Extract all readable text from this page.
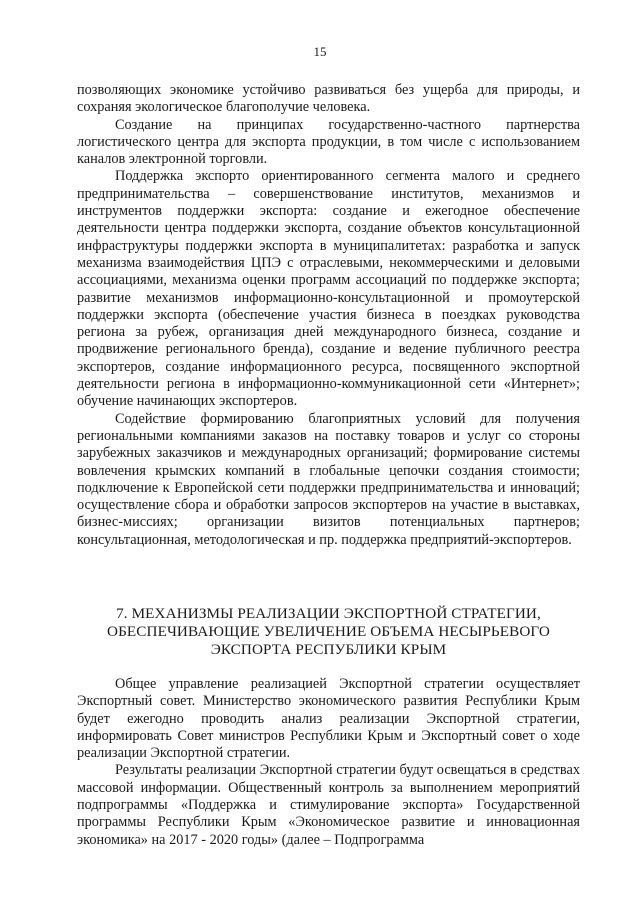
15

позволяющих экономике устойчиво развиваться без ущерба для природы, и сохраняя экологическое благополучие человека.

Создание на принципах государственно-частного партнерства логистического центра для экспорта продукции, в том числе с использованием каналов электронной торговли.

Поддержка экспорто ориентированного сегмента малого и среднего предпринимательства – совершенствование институтов, механизмов и инструментов поддержки экспорта: создание и ежегодное обеспечение деятельности центра поддержки экспорта, создание объектов консультационной инфраструктуры поддержки экспорта в муниципалитетах: разработка и запуск механизма взаимодействия ЦПЭ с отраслевыми, некоммерческими и деловыми ассоциациями, механизма оценки программ ассоциаций по поддержке экспорта; развитие механизмов информационно-консультационной и промоутерской поддержки экспорта (обеспечение участия бизнеса в поездках руководства региона за рубеж, организация дней международного бизнеса, создание и продвижение регионального бренда), создание и ведение публичного реестра экспортеров, создание информационного ресурса, посвященного экспортной деятельности региона в информационно-коммуникационной сети «Интернет»; обучение начинающих экспортеров.

Содействие формированию благоприятных условий для получения региональными компаниями заказов на поставку товаров и услуг со стороны зарубежных заказчиков и международных организаций; формирование системы вовлечения крымских компаний в глобальные цепочки создания стоимости; подключение к Европейской сети поддержки предпринимательства и инноваций; осуществление сбора и обработки запросов экспортеров на участие в выставках, бизнес-миссиях; организации визитов потенциальных партнеров; консультационная, методологическая и пр. поддержка предприятий-экспортеров.

7. МЕХАНИЗМЫ РЕАЛИЗАЦИИ ЭКСПОРТНОЙ СТРАТЕГИИ,
ОБЕСПЕЧИВАЮЩИЕ УВЕЛИЧЕНИЕ ОБЪЕМА НЕСЫРЬЕВОГО
ЭКСПОРТА РЕСПУБЛИКИ КРЫМ

Общее управление реализацией Экспортной стратегии осуществляет Экспортный совет. Министерство экономического развития Республики Крым будет ежегодно проводить анализ реализации Экспортной стратегии, информировать Совет министров Республики Крым и Экспортный совет о ходе реализации Экспортной стратегии.

Результаты реализации Экспортной стратегии будут освещаться в средствах массовой информации. Общественный контроль за выполнением мероприятий подпрограммы «Поддержка и стимулирование экспорта» Государственной программы Республики Крым «Экономическое развитие и инновационная экономика» на 2017 - 2020 годы» (далее – Подпрограмма
